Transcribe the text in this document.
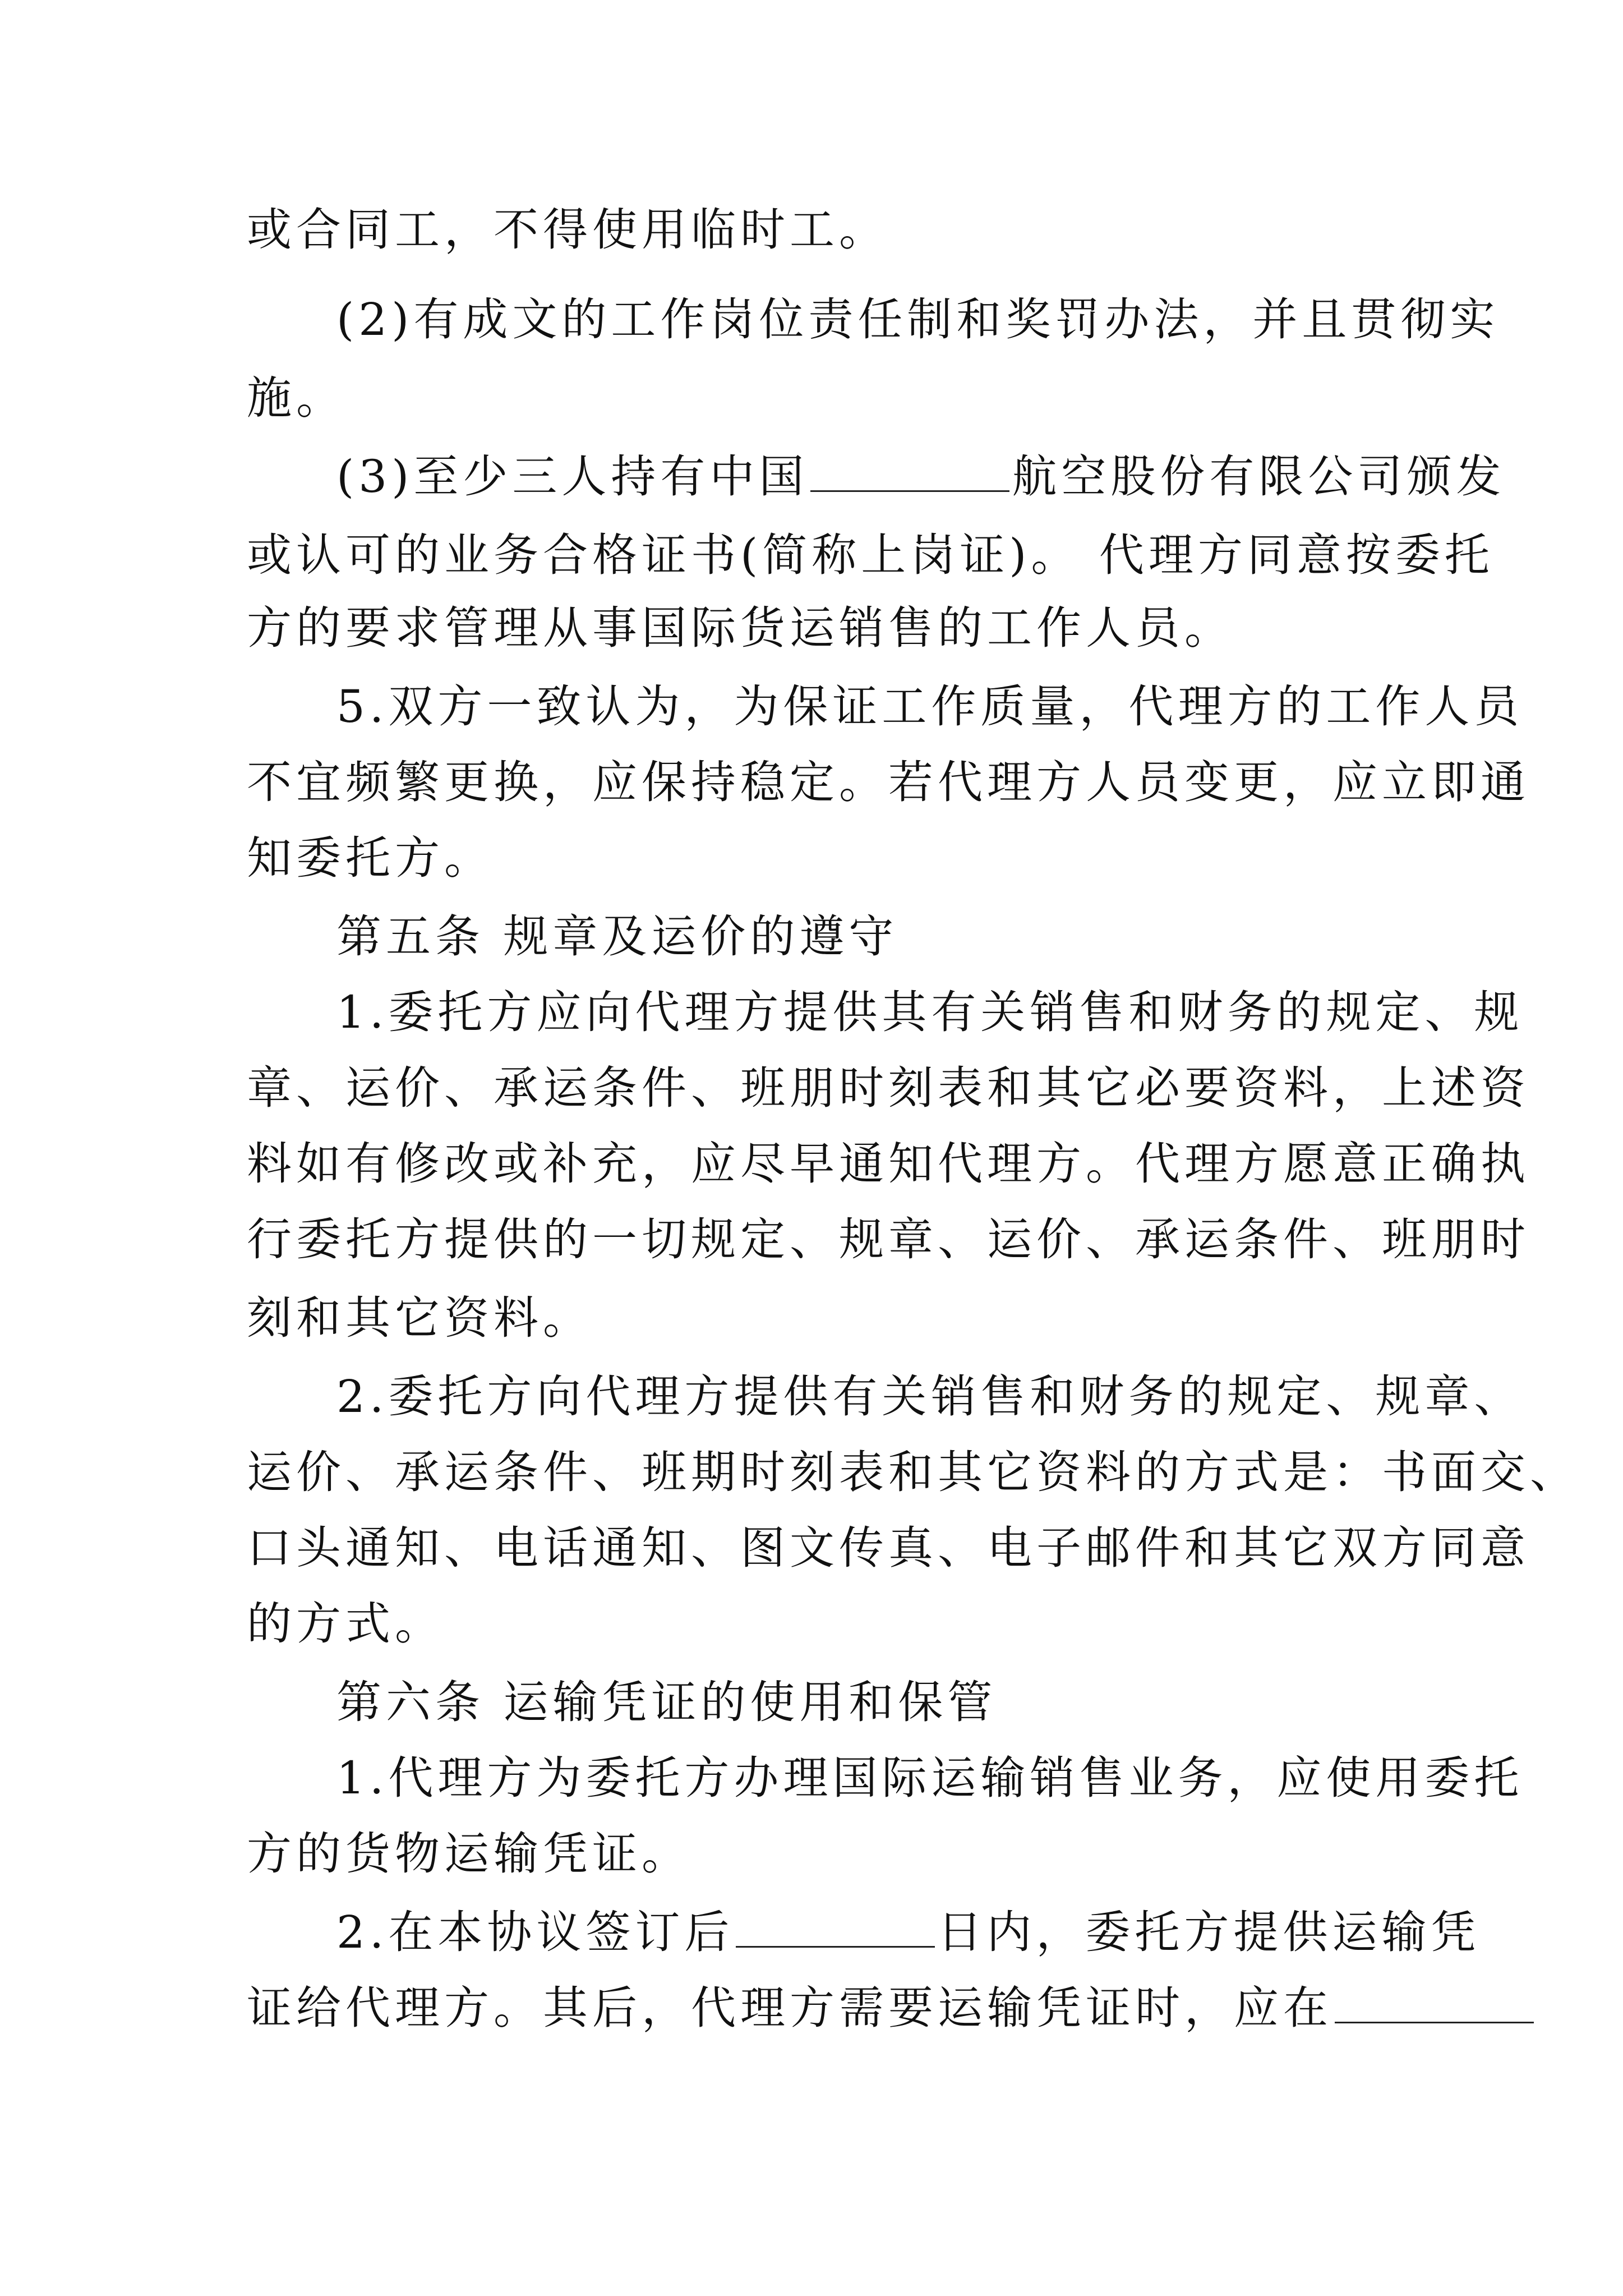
或合同工，不得使用临时工。
(2)有成文的工作岗位责任制和奖罚办法，并且贯彻实
施。
(3)至少三人持有中国	航空股份有限公司颁发
或认可的业务合格证书(简称上岗证)。 代理方同意按委托
方的要求管理从事国际货运销售的工作人员。
5.双方一致认为，为保证工作质量，代理方的工作人员
不宜频繁更换，应保持稳定。若代理方人员变更，应立即通
知委托方。
第五条 规章及运价的遵守
1.委托方应向代理方提供其有关销售和财务的规定、规
章、运价、承运条件、班朋时刻表和其它必要资料，上述资
料如有修改或补充，应尽早通知代理方。代理方愿意正确执
行委托方提供的一切规定、规章、运价、承运条件、班朋时
刻和其它资料。
2.委托方向代理方提供有关销售和财务的规定、规章、
运价、承运条件、班期时刻表和其它资料的方式是：书面交、
口头通知、电话通知、图文传真、电子邮件和其它双方同意
的方式。
第六条 运输凭证的使用和保管
1.代理方为委托方办理国际运输销售业务，应使用委托
方的货物运输凭证。
2.在本协议签订后	日内，委托方提供运输凭
证给代理方。其后，代理方需要运输凭证时，应在
